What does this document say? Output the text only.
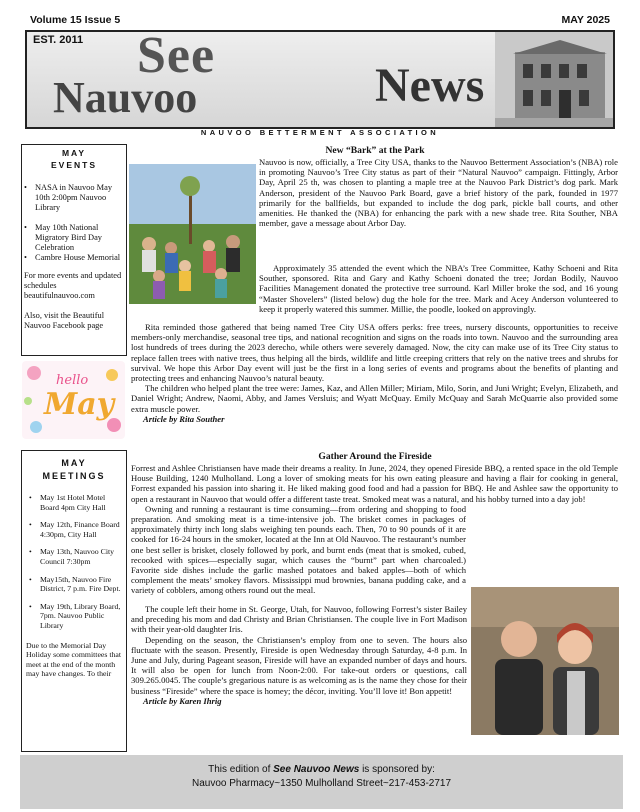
Volume 15 Issue 5	MAY 2025
EST. 2011 See
Nauvoo	News
NAUVOO BETTERMENT ASSOCIATION
MAY
EVENTS
• NASA in Nauvoo May 10th 2:00pm Nauvoo Library
• May 10th National Migratory Bird Day Celebration
• Cambre House Memorial
For more events and updated schedules beautifulnauvoo.com
Also, visit the Beautiful Nauvoo Facebook page
hello
May
MAY
MEETINGS
• May 1st Hotel Motel Board 4pm City Hall
• May 12th, Finance Board 4:30pm, City Hall
• May 13th, Nauvoo City Council 7:30pm
• May15th, Nauvoo Fire District, 7 p.m. Fire Dept.
• May 19th, Library Board, 7pm. Nauvoo Public Library
Due to the Memorial Day Holiday some committees that meet at the end of the month may have changes. To their
New “Bark” at the Park

Nauvoo is now, officially, a Tree City USA, thanks to the Nauvoo Betterment Association’s (NBA) role in promoting Nauvoo’s Tree City status as part of their “Natural Nauvoo” campaign. Fittingly, Arbor Day, April 25 th, was chosen to planting a maple tree at the Nauvoo Park District’s dog park. Mark Anderson, president of the Nauvoo Park Board, gave a brief history of the park, founded in 1977 primarily for the ballfields, but expanded to include the dog park, pickle ball courts, and other amenities. He thanked the (NBA) for enhancing the park with a new shade tree. Rita Souther, NBA member, gave a message about Arbor Day.

Approximately 35 attended the event which the NBA’s Tree Committee, Kathy Schoeni and Rita Souther, sponsored. Rita and Gary and Kathy Schoeni donated the tree; Jordan Bodily, Nauvoo Facilities Management donated the protective tree surround. Karl Miller broke the sod, and 16 young “Master Shovelers” (listed below) dug the hole for the tree. Mark and Acey Anderson volunteered to keep it properly watered this summer. Millie, the poodle, looked on approvingly.

Rita reminded those gathered that being named Tree City USA offers perks: free trees, nursery discounts, opportunities to receive members-only merchandise, seasonal tree tips, and national recognition and signs on the roads into town. Nauvoo and the surrounding area lost hundreds of trees during the 2023 derecho, while others were severely damaged. Now, the city can make use of its Tree City status to replace fallen trees with native trees, thus helping all the birds, wildlife and little creeping critters that rely on the native trees and shrubs for survival. We hope this Arbor Day event will just be the first in a long series of events and programs about the benefits of planting and protecting trees and enhancing Nauvoo’s natural beauty.

The children who helped plant the tree were: James, Kaz, and Allen Miller; Miriam, Milo, Sorin, and Juni Wright; Evelyn, Elizabeth, and Daniel Wright; Andrew, Naomi, Abby, and James Versluis; and Wyatt McQuay. Emily McQuay and Sarah McQuarrie also provided some extra muscle power.

Article by Rita Souther
Gather Around the Fireside

Forrest and Ashlee Christiansen have made their dreams a reality. In June, 2024, they opened Fireside BBQ, a rented space in the old Temple House Building, 1240 Mulholland. Long a lover of smoking meats for his own eating pleasure and having a flair for cooking in general, Forrest expanded his passion into sharing it. He liked making good food and had a passion for BBQ. He and Ashlee saw the opportunity to open a restaurant in Nauvoo that would offer a different taste treat. Smoked meat was a natural, and his hobby turned into a day job!

Owning and running a restaurant is time consuming—from ordering and shopping to food preparation. And smoking meat is a time-intensive job. The brisket comes in packages of approximately thirty inch long slabs weighing ten pounds each. Then, 70 to 90 pounds of it are cooked for 16-24 hours in the smoker, located at the Inn at Old Nauvoo. The restaurant’s number one best seller is brisket, closely followed by pork, and burnt ends (meat that is smoked, cubed, recooked with spices—especially sugar, which causes the “burnt” part when charcoaled.) Favorite side dishes include the garlic mashed potatoes and baked apples—both of which complement the meats’ smokey flavors. Mississippi mud brownies, banana pudding cake, and a variety of cobblers, among others round out the meal.

The couple left their home in St. George, Utah, for Nauvoo, following Forrest’s sister Bailey and preceding his mom and dad Christy and Brian Christiansen. The couple live in Fort Madison with their year-old daughter Iris.

Depending on the season, the Christiansen’s employ from one to seven. The hours also fluctuate with the season. Presently, Fireside is open Wednesday through Saturday, 4-8 p.m. In June and July, during Pageant season, Fireside will have an expanded number of days and hours. It will also be open for lunch from Noon-2:00. For take-out orders or questions, call 309.265.0045. The couple’s gregarious nature is as welcoming as is the name they chose for their business “Fireside” where the space is homey; the décor, inviting. You’ll love it! Bon appetit!

Article by Karen Ihrig
This edition of See Nauvoo News is sponsored by:
Nauvoo Pharmacy~1350 Mulholland Street~217-453-2717
